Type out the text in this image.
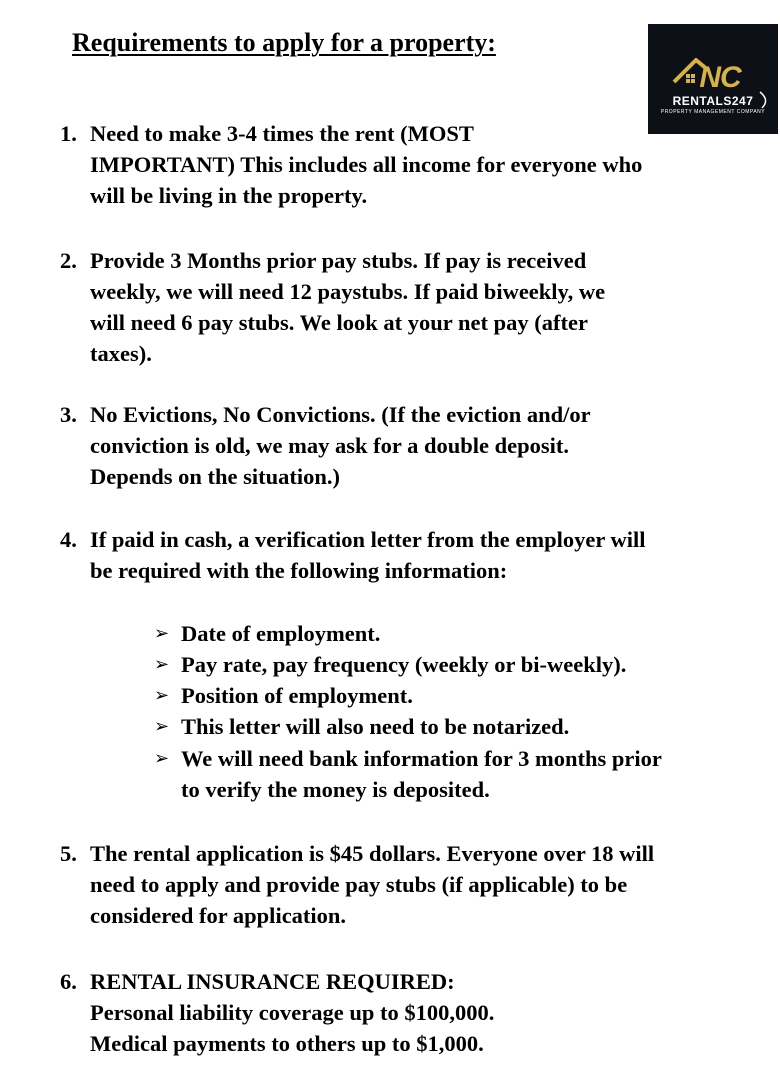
Requirements to apply for a property:
NC
RENTALS247
PROPERTY MANAGEMENT COMPANY
1. Need to make 3-4 times the rent (MOST
IMPORTANT) This includes all income for everyone who
will be living in the property.
2. Provide 3 Months prior pay stubs. If pay is received
weekly, we will need 12 paystubs. If paid biweekly, we
will need 6 pay stubs. We look at your net pay (after
taxes).
3. No Evictions, No Convictions. (If the eviction and/or
conviction is old, we may ask for a double deposit.
Depends on the situation.)
4. If paid in cash, a verification letter from the employer will
be required with the following information:
➢ Date of employment.
➢ Pay rate, pay frequency (weekly or bi-weekly).
➢ Position of employment.
➢ This letter will also need to be notarized.
➢ We will need bank information for 3 months prior
to verify the money is deposited.
5. The rental application is $45 dollars. Everyone over 18 will
need to apply and provide pay stubs (if applicable) to be
considered for application.
6. RENTAL INSURANCE REQUIRED:
Personal liability coverage up to $100,000.
Medical payments to others up to $1,000.
